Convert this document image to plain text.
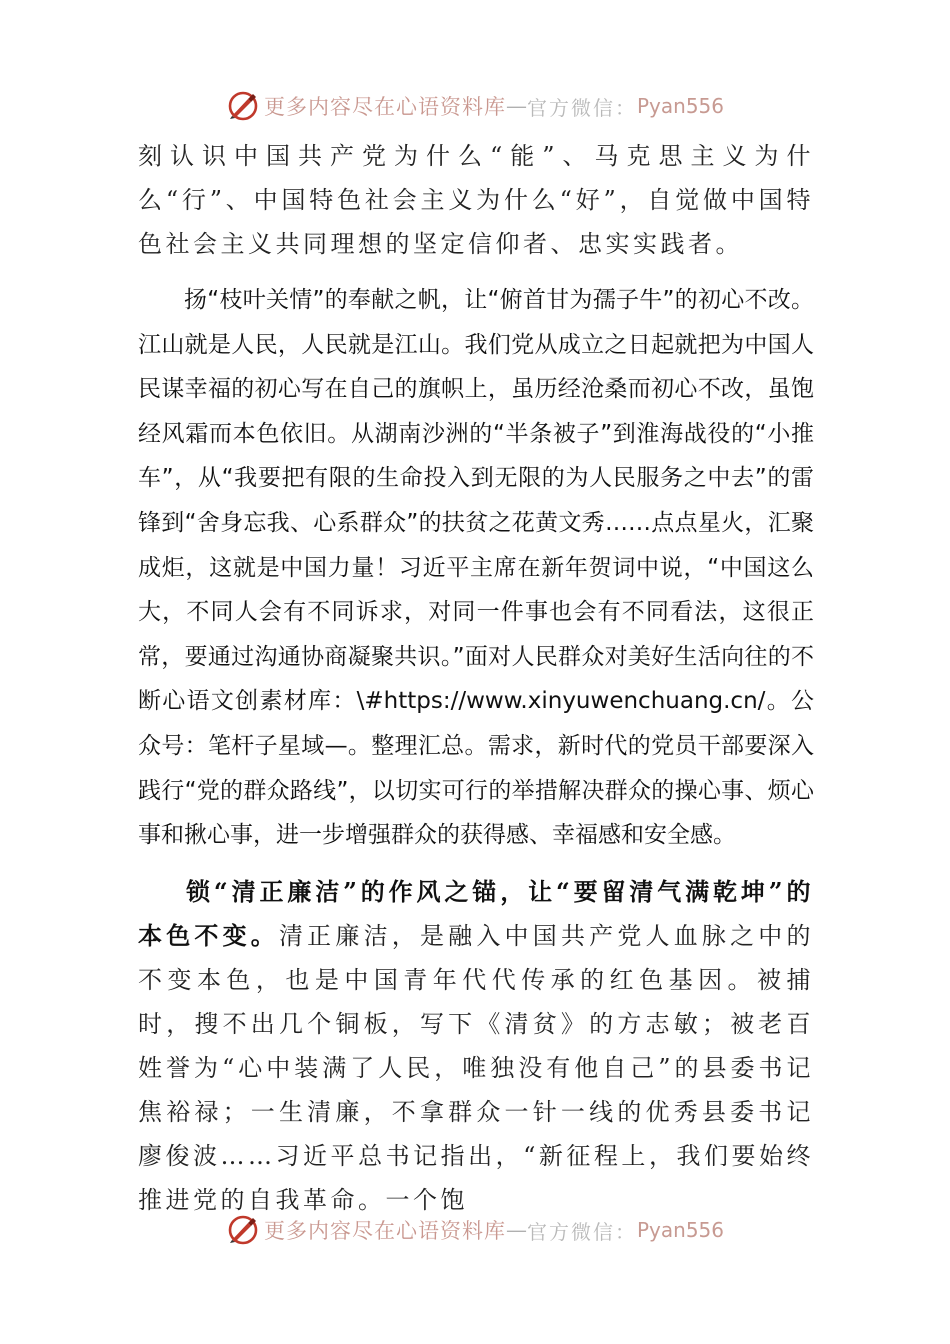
更多内容尽在心语资料库 — 官方微信： Pyan556

刻认识中国共产党为什么“能”、马克思主义为什么“行”、中国特色社会主义为什么“好”，自觉做中国特色社会主义共同理想的坚定信仰者、忠实实践者。

扬“枝叶关情”的奉献之帆，让“俯首甘为孺子牛”的初心不改。江山就是人民，人民就是江山。我们党从成立之日起就把为中国人民谋幸福的初心写在自己的旗帜上，虽历经沧桑而初心不改，虽饱经风霜而本色依旧。从湖南沙洲的“半条被子”到淮海战役的“小推车”，从“我要把有限的生命投入到无限的为人民服务之中去”的雷锋到“舍身忘我、心系群众”的扶贫之花黄文秀……点点星火，汇聚成炬，这就是中国力量！习近平主席在新年贺词中说，“中国这么大，不同人会有不同诉求，对同一件事也会有不同看法，这很正常，要通过沟通协商凝聚共识。”面对人民群众对美好生活向往的不断心语文创素材库：\#https://www.xinyuwenchuang.cn/。公众号：笔杆子星域—。整理汇总。需求，新时代的党员干部要深入践行“党的群众路线”，以切实可行的举措解决群众的操心事、烦心事和揪心事，进一步增强群众的获得感、幸福感和安全感。

锁“清正廉洁”的作风之锚，让“要留清气满乾坤”的本色不变。清正廉洁，是融入中国共产党人血脉之中的不变本色，也是中国青年代代传承的红色基因。被捕时，搜不出几个铜板，写下《清贫》的方志敏；被老百姓誉为“心中装满了人民，唯独没有他自己”的县委书记焦裕禄；一生清廉，不拿群众一针一线的优秀县委书记廖俊波……习近平总书记指出，“新征程上，我们要始终推进党的自我革命。一个饱

更多内容尽在心语资料库 — 官方微信： Pyan556
